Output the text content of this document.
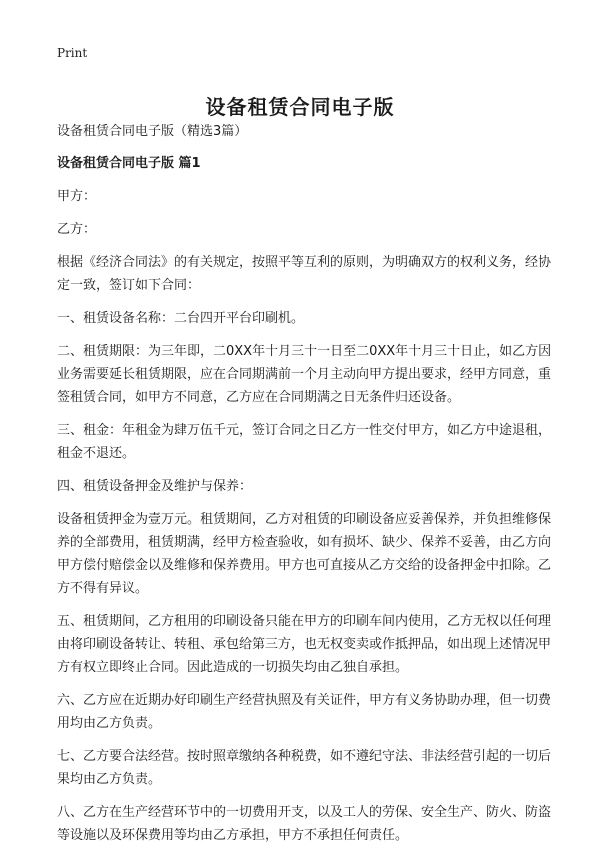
Print
设备租赁合同电子版

设备租赁合同电子版（精选3篇）

设备租赁合同电子版 篇1

甲方：

乙方：

根据《经济合同法》的有关规定，按照平等互利的原则，为明确双方的权利义务，经协定一致，签订如下合同：

一、租赁设备名称：二台四开平台印刷机。

二、租赁期限：为三年即，二0XX年十月三十一日至二0XX年十月三十日止，如乙方因业务需要延长租赁期限，应在合同期满前一个月主动向甲方提出要求，经甲方同意，重签租赁合同，如甲方不同意，乙方应在合同期满之日无条件归还设备。

三、租金：年租金为肆万伍千元，签订合同之日乙方一性交付甲方，如乙方中途退租，租金不退还。

四、租赁设备押金及维护与保养：

设备租赁押金为壹万元。租赁期间，乙方对租赁的印刷设备应妥善保养，并负担维修保养的全部费用，租赁期满，经甲方检查验收，如有损坏、缺少、保养不妥善，由乙方向甲方偿付赔偿金以及维修和保养费用。甲方也可直接从乙方交给的设备押金中扣除。乙方不得有异议。

五、租赁期间，乙方租用的印刷设备只能在甲方的印刷车间内使用，乙方无权以任何理由将印刷设备转让、转租、承包给第三方，也无权变卖或作抵押品，如出现上述情况甲方有权立即终止合同。因此造成的一切损失均由乙独自承担。

六、乙方应在近期办好印刷生产经营执照及有关证件，甲方有义务协助办理，但一切费用均由乙方负责。

七、乙方要合法经营。按时照章缴纳各种税费，如不遵纪守法、非法经营引起的一切后果均由乙方负责。

八、乙方在生产经营环节中的一切费用开支，以及工人的劳保、安全生产、防火、防盗等设施以及环保费用等均由乙方承担，甲方不承担任何责任。
